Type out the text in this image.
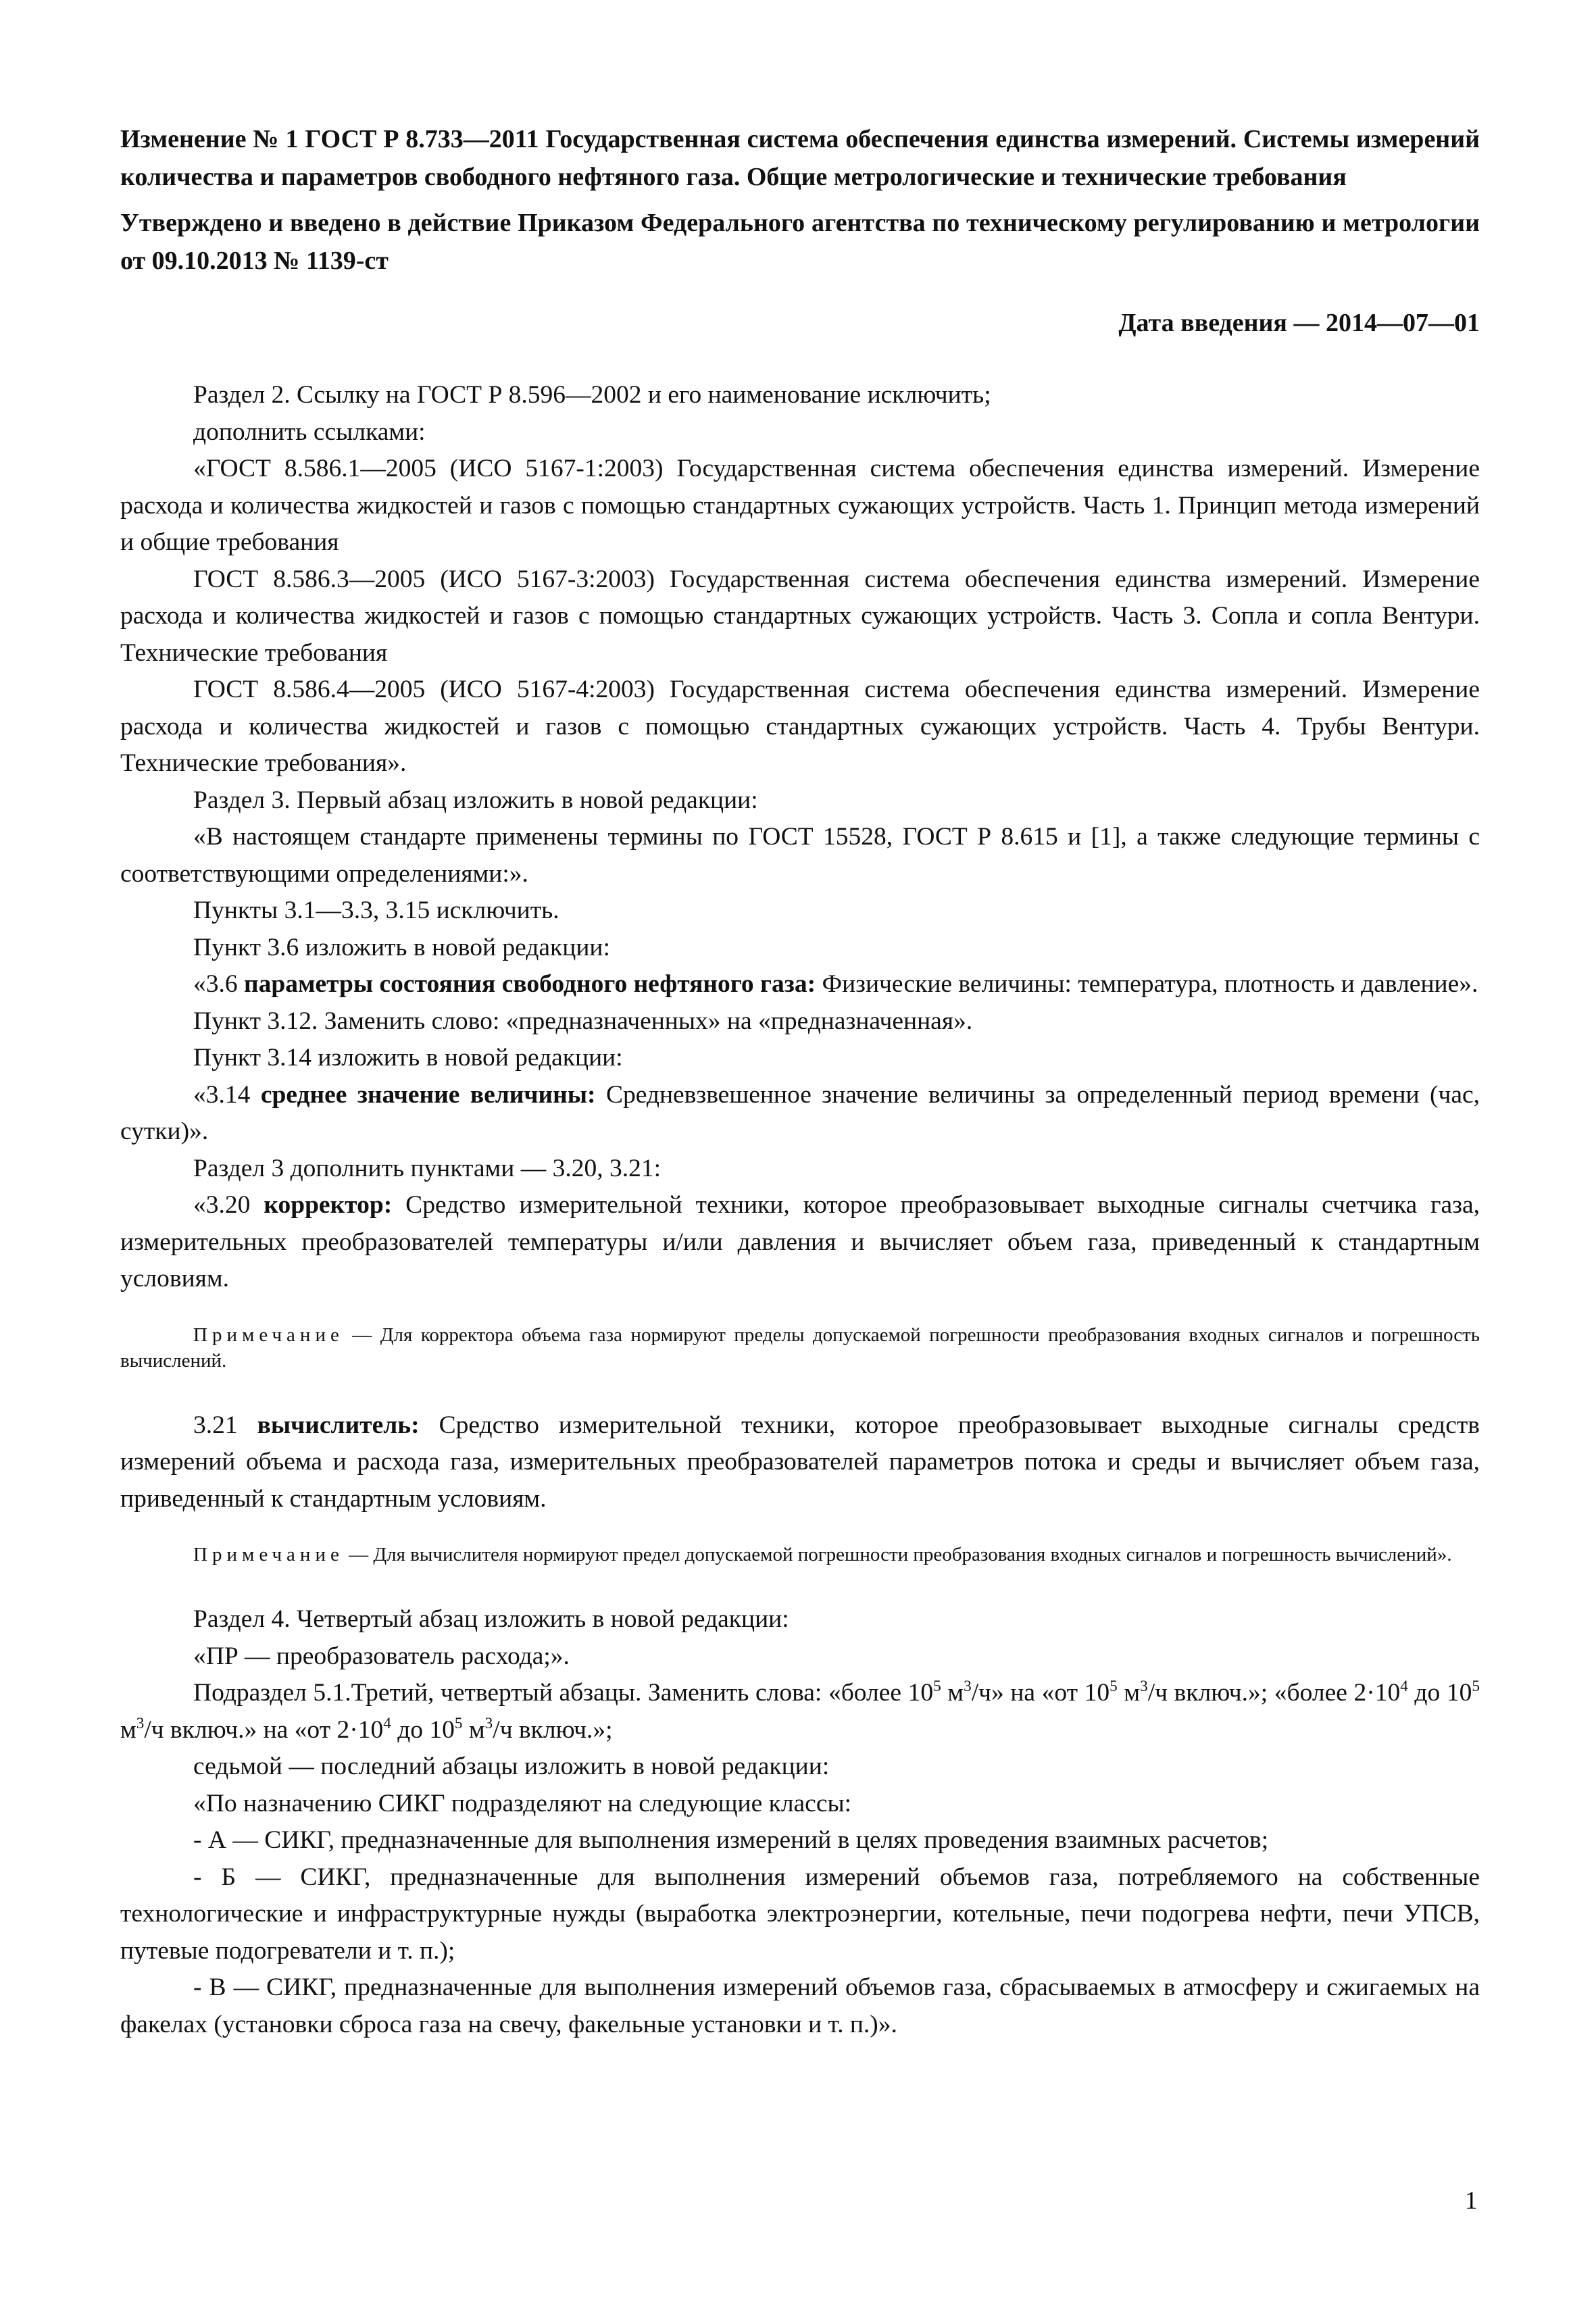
Изменение № 1 ГОСТ Р 8.733—2011 Государственная система обеспечения единства измерений. Системы измерений количества и параметров свободного нефтяного газа. Общие метрологические и технические требования

Утверждено и введено в действие Приказом Федерального агентства по техническому регулированию и метрологии от 09.10.2013 № 1139-ст

Дата введения — 2014—07—01

Раздел 2. Ссылку на ГОСТ Р 8.596—2002 и его наименование исключить;

дополнить ссылками:

«ГОСТ 8.586.1—2005 (ИСО 5167-1:2003) Государственная система обеспечения единства измерений. Измерение расхода и количества жидкостей и газов с помощью стандартных сужающих устройств. Часть 1. Принцип метода измерений и общие требования

ГОСТ 8.586.3—2005 (ИСО 5167-3:2003) Государственная система обеспечения единства измерений. Измерение расхода и количества жидкостей и газов с помощью стандартных сужающих устройств. Часть 3. Сопла и сопла Вентури. Технические требования

ГОСТ 8.586.4—2005 (ИСО 5167-4:2003) Государственная система обеспечения единства измерений. Измерение расхода и количества жидкостей и газов с помощью стандартных сужающих устройств. Часть 4. Трубы Вентури. Технические требования».

Раздел 3. Первый абзац изложить в новой редакции:

«В настоящем стандарте применены термины по ГОСТ 15528, ГОСТ Р 8.615 и [1], а также следующие термины с соответствующими определениями:».

Пункты 3.1—3.3, 3.15 исключить.

Пункт 3.6 изложить в новой редакции:

«3.6 параметры состояния свободного нефтяного газа: Физические величины: температура, плотность и давление».

Пункт 3.12. Заменить слово: «предназначенных» на «предназначенная».

Пункт 3.14 изложить в новой редакции:

«3.14 среднее значение величины: Средневзвешенное значение величины за определенный период времени (час, сутки)».

Раздел 3 дополнить пунктами — 3.20, 3.21:

«3.20 корректор: Средство измерительной техники, которое преобразовывает выходные сигналы счетчика газа, измерительных преобразователей температуры и/или давления и вычисляет объем газа, приведенный к стандартным условиям.

Примечание — Для корректора объема газа нормируют пределы допускаемой погрешности преобразования входных сигналов и погрешность вычислений.

3.21 вычислитель: Средство измерительной техники, которое преобразовывает выходные сигналы средств измерений объема и расхода газа, измерительных преобразователей параметров потока и среды и вычисляет объем газа, приведенный к стандартным условиям.

Примечание — Для вычислителя нормируют предел допускаемой погрешности преобразования входных сигналов и погрешность вычислений».

Раздел 4. Четвертый абзац изложить в новой редакции:

«ПР — преобразователь расхода;».

Подраздел 5.1.Третий, четвертый абзацы. Заменить слова: «более $10^5$ $м^3/ч$» на «от $10^5$ $м^3/ч$ включ.»; «более $2\cdot 10^4$ до $10^5$ $м^3/ч$ включ.» на «от $2\cdot 10^4$ до $10^5$ $м^3/ч$ включ.»;

седьмой — последний абзацы изложить в новой редакции:

«По назначению СИКГ подразделяют на следующие классы:

- А — СИКГ, предназначенные для выполнения измерений в целях проведения взаимных расчетов;

- Б — СИКГ, предназначенные для выполнения измерений объемов газа, потребляемого на собственные технологические и инфраструктурные нужды (выработка электроэнергии, котельные, печи подогрева нефти, печи УПСВ, путевые подогреватели и т. п.);

- В — СИКГ, предназначенные для выполнения измерений объемов газа, сбрасываемых в атмосферу и сжигаемых на факелах (установки сброса газа на свечу, факельные установки и т. п.)».

1
